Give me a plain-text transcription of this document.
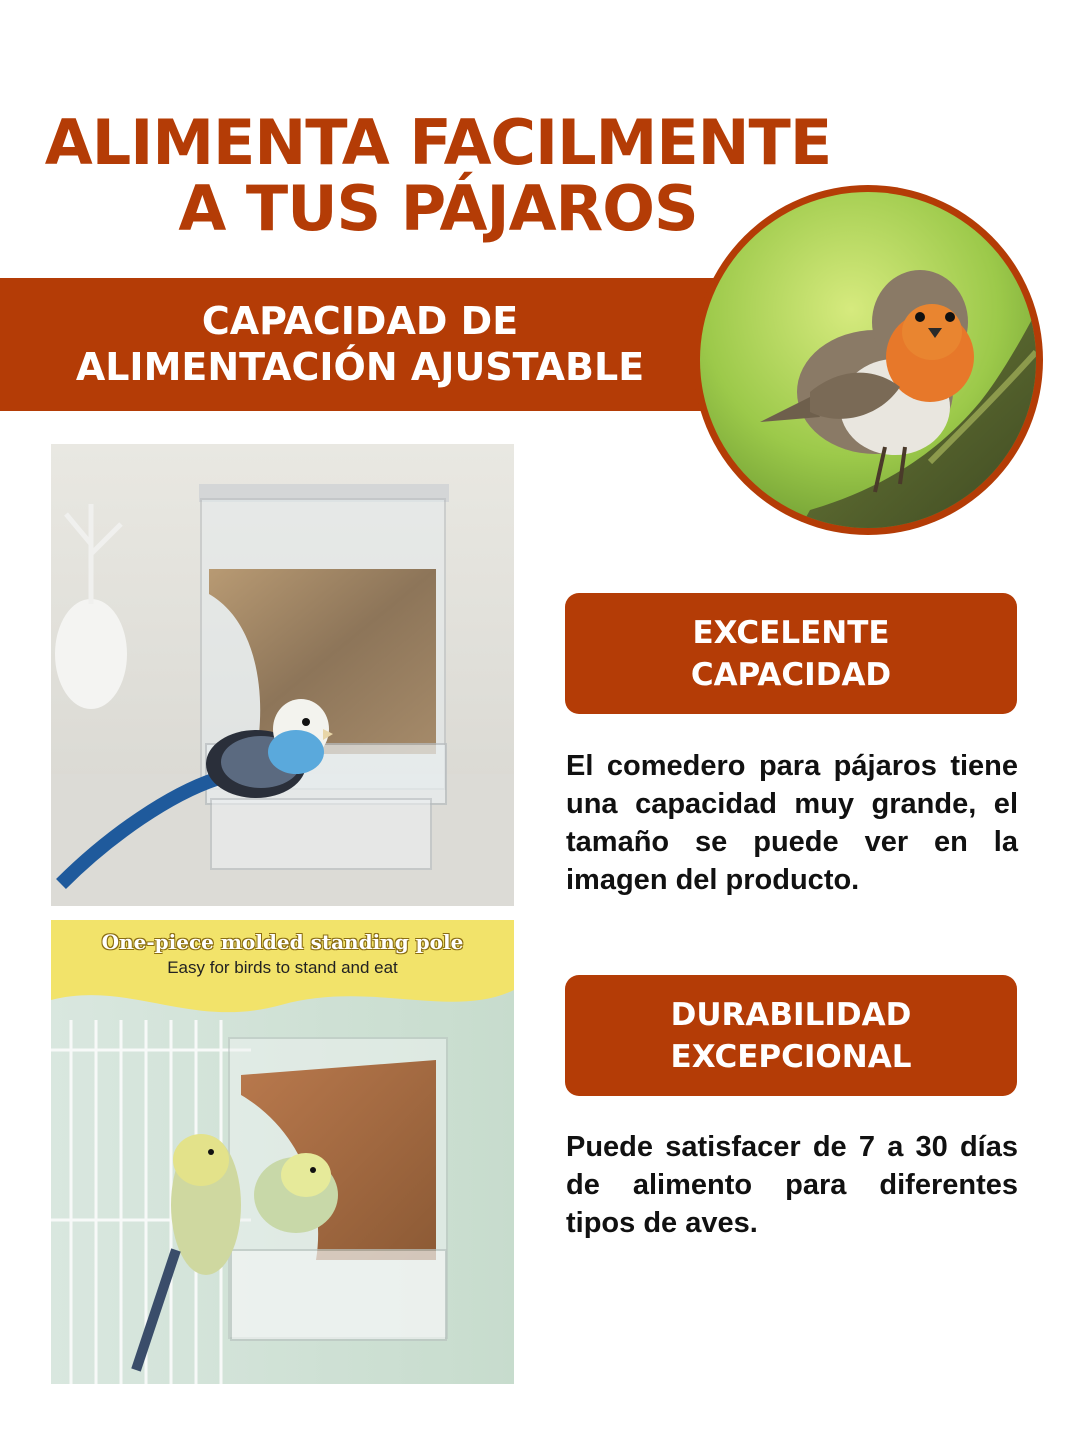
ALIMENTA FACILMENTE
A TUS PÁJAROS
CAPACIDAD DE
ALIMENTACIÓN AJUSTABLE
One-piece molded standing pole
Easy for birds to stand and eat
EXCELENTE
CAPACIDAD

El comedero para pájaros tiene una capacidad muy grande, el tamaño se puede ver en la imagen del producto.

DURABILIDAD
EXCEPCIONAL

Puede satisfacer de 7 a 30 días de alimento para diferentes tipos de aves.
